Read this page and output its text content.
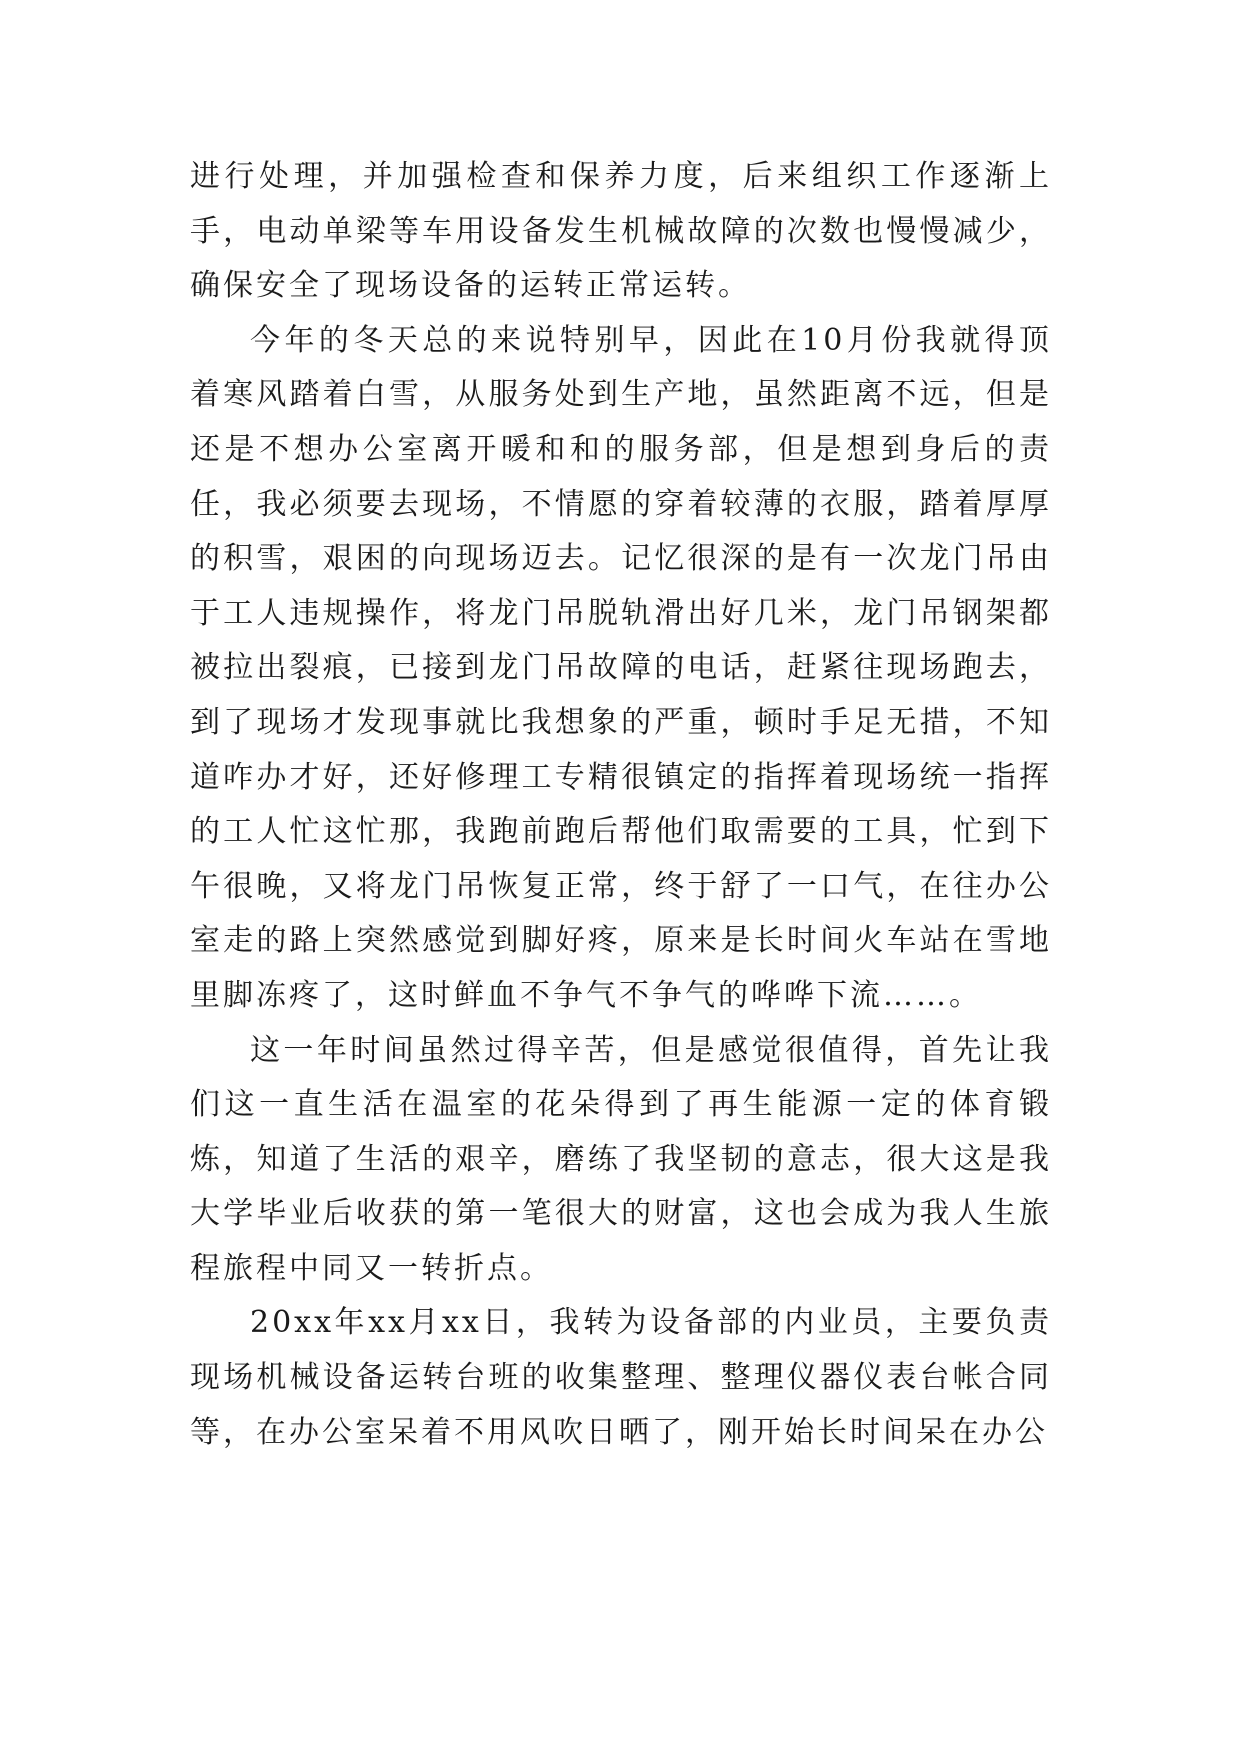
进行处理，并加强检查和保养力度，后来组织工作逐渐上手，电动单梁等车用设备发生机械故障的次数也慢慢减少，确保安全了现场设备的运转正常运转。

今年的冬天总的来说特别早，因此在10月份我就得顶着寒风踏着白雪，从服务处到生产地，虽然距离不远，但是还是不想办公室离开暖和和的服务部，但是想到身后的责任，我必须要去现场，不情愿的穿着较薄的衣服，踏着厚厚的积雪，艰困的向现场迈去。记忆很深的是有一次龙门吊由于工人违规操作，将龙门吊脱轨滑出好几米，龙门吊钢架都被拉出裂痕，已接到龙门吊故障的电话，赶紧往现场跑去，到了现场才发现事就比我想象的严重，顿时手足无措，不知道咋办才好，还好修理工专精很镇定的指挥着现场统一指挥的工人忙这忙那，我跑前跑后帮他们取需要的工具，忙到下午很晚，又将龙门吊恢复正常，终于舒了一口气，在往办公室走的路上突然感觉到脚好疼，原来是长时间火车站在雪地里脚冻疼了，这时鲜血不争气不争气的哗哗下流……。

这一年时间虽然过得辛苦，但是感觉很值得，首先让我们这一直生活在温室的花朵得到了再生能源一定的体育锻炼，知道了生活的艰辛，磨练了我坚韧的意志，很大这是我大学毕业后收获的第一笔很大的财富，这也会成为我人生旅程旅程中同又一转折点。

20xx年xx月xx日，我转为设备部的内业员，主要负责现场机械设备运转台班的收集整理、整理仪器仪表台帐合同等，在办公室呆着不用风吹日晒了，刚开始长时间呆在办公
